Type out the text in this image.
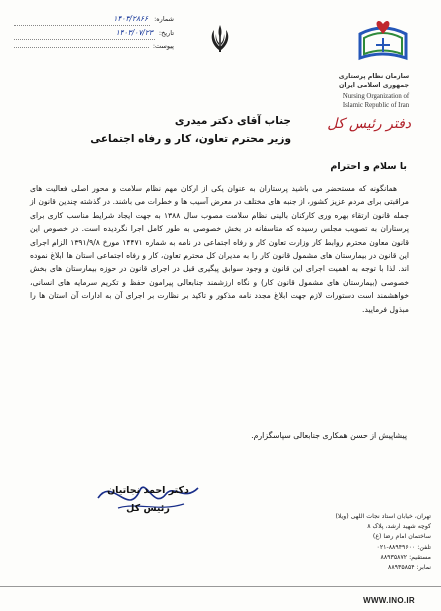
شماره:
۱۴۰۳/۲۸۶۶
تاریخ:
۱۴۰۳/۰۷/۲۳
پیوست:
سازمان نظام پرستاری
جمهوری اسلامی ایران
Nursing Organization of
Islamic Republic of Iran
دفتر رئیس کل
جناب آقای دکتر میدری
وزیر محترم تعاون، کار و رفاه اجتماعی
با سلام و احترام

همانگونه که مستحضر می باشید پرستاران به عنوان یکی از ارکان مهم نظام سلامت و محور اصلی فعالیت های مراقبتی برای مردم عزیز کشور، از جنبه های مختلف در معرض آسیب ها و خطرات می باشند. در گذشته چندین قانون از جمله قانون ارتقاء بهره وری کارکنان بالینی نظام سلامت مصوب سال ۱۳۸۸ به جهت ایجاد شرایط مناسب کاری برای پرستاران به تصویب مجلس رسیده که متاسفانه در بخش خصوصی به طور کامل اجرا نگردیده است. در خصوص این قانون معاون محترم روابط کار وزارت تعاون کار و رفاه اجتماعی در نامه به شماره ۱۴۴۷۱ مورخ ۱۳۹۱/۹/۸ الزام اجرای این قانون در بیمارستان های مشمول قانون کار را به مدیران کل محترم تعاون، کار و رفاه اجتماعی استان ها ابلاغ نموده اند. لذا با توجه به اهمیت اجرای این قانون و وجود سوابق پیگیری قبل در اجرای قانون در حوزه بیمارستان های بخش خصوصی (بیمارستان های مشمول قانون کار) و نگاه ارزشمند جنابعالی پیرامون حفظ و تکریم سرمایه های انسانی، خواهشمند است دستورات لازم جهت ابلاغ مجدد نامه مذکور و تاکید بر نظارت بر اجرای آن به ادارات آن استان ها را مبذول فرمایید.

پیشاپیش از حسن همکاری جنابعالی سپاسگزارم.
دکتر احمد نجاتیان
رئیس کل
تهران، خیابان استاد نجات اللهی (ویلا)
کوچه شهید ارشد، پلاک ۸
ساختمان امام رضا (ع)
تلفن: ۸۸۹۴۹۶۰۰-۰۲۱
مستقیم: ۸۸۹۳۵۸۷۲
نمابر: ۸۸۹۳۵۸۵۴
WWW.INO.IR
